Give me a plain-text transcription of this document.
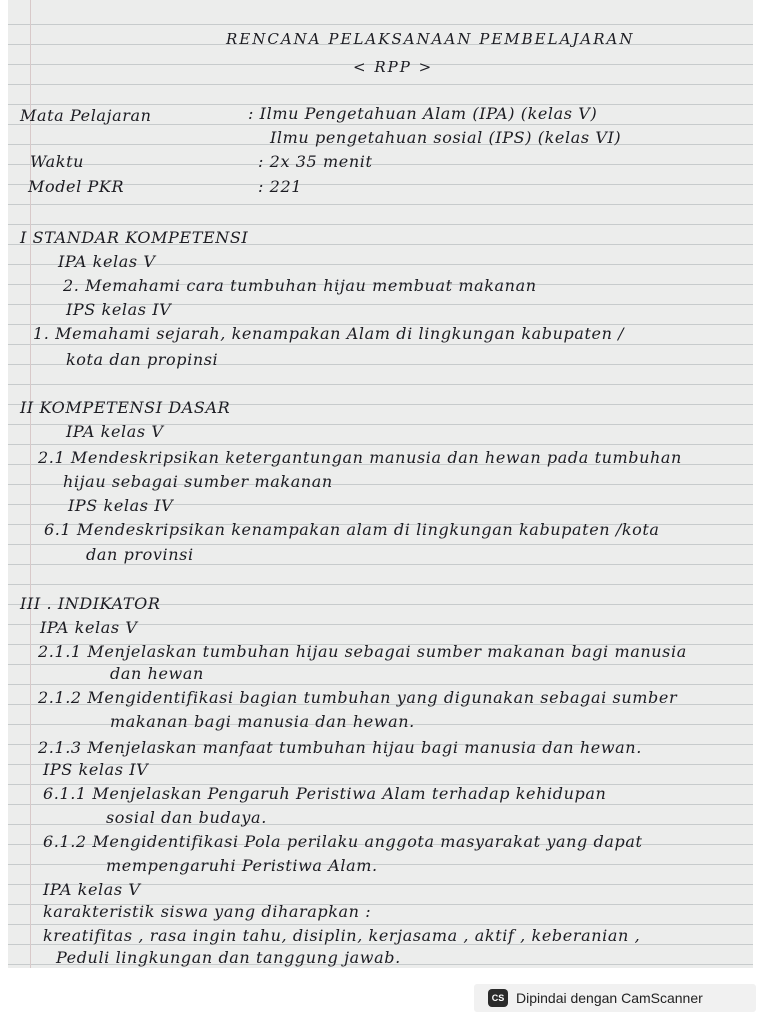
RENCANA PELAKSANAAN PEMBELAJARAN
< RPP >
Mata Pelajaran	: Ilmu Pengetahuan Alam (IPA) (kelas V)
Ilmu pengetahuan sosial (IPS) (kelas VI)
Waktu	: 2x 35 menit
Model PKR	: 221
I STANDAR KOMPETENSI
IPA kelas V
2. Memahami cara tumbuhan hijau membuat makanan
IPS kelas IV
1. Memahami sejarah, kenampakan Alam di lingkungan kabupaten /
kota dan propinsi
II KOMPETENSI DASAR
IPA kelas V
2.1 Mendeskripsikan ketergantungan manusia dan hewan pada tumbuhan
hijau sebagai sumber makanan
IPS kelas IV
6.1 Mendeskripsikan kenampakan alam di lingkungan kabupaten /kota
dan provinsi
III . INDIKATOR
IPA kelas V
2.1.1 Menjelaskan tumbuhan hijau sebagai sumber makanan bagi manusia
dan hewan
2.1.2 Mengidentifikasi bagian tumbuhan yang digunakan sebagai sumber
makanan bagi manusia dan hewan.
2.1.3 Menjelaskan manfaat tumbuhan hijau bagi manusia dan hewan.
IPS kelas IV
6.1.1 Menjelaskan Pengaruh Peristiwa Alam terhadap kehidupan
sosial dan budaya.
6.1.2 Mengidentifikasi Pola perilaku anggota masyarakat yang dapat
mempengaruhi Peristiwa Alam.
IPA kelas V
karakteristik siswa yang diharapkan :
kreatifitas , rasa ingin tahu, disiplin, kerjasama , aktif , keberanian ,
Peduli lingkungan dan tanggung jawab.
CS Dipindai dengan CamScanner
